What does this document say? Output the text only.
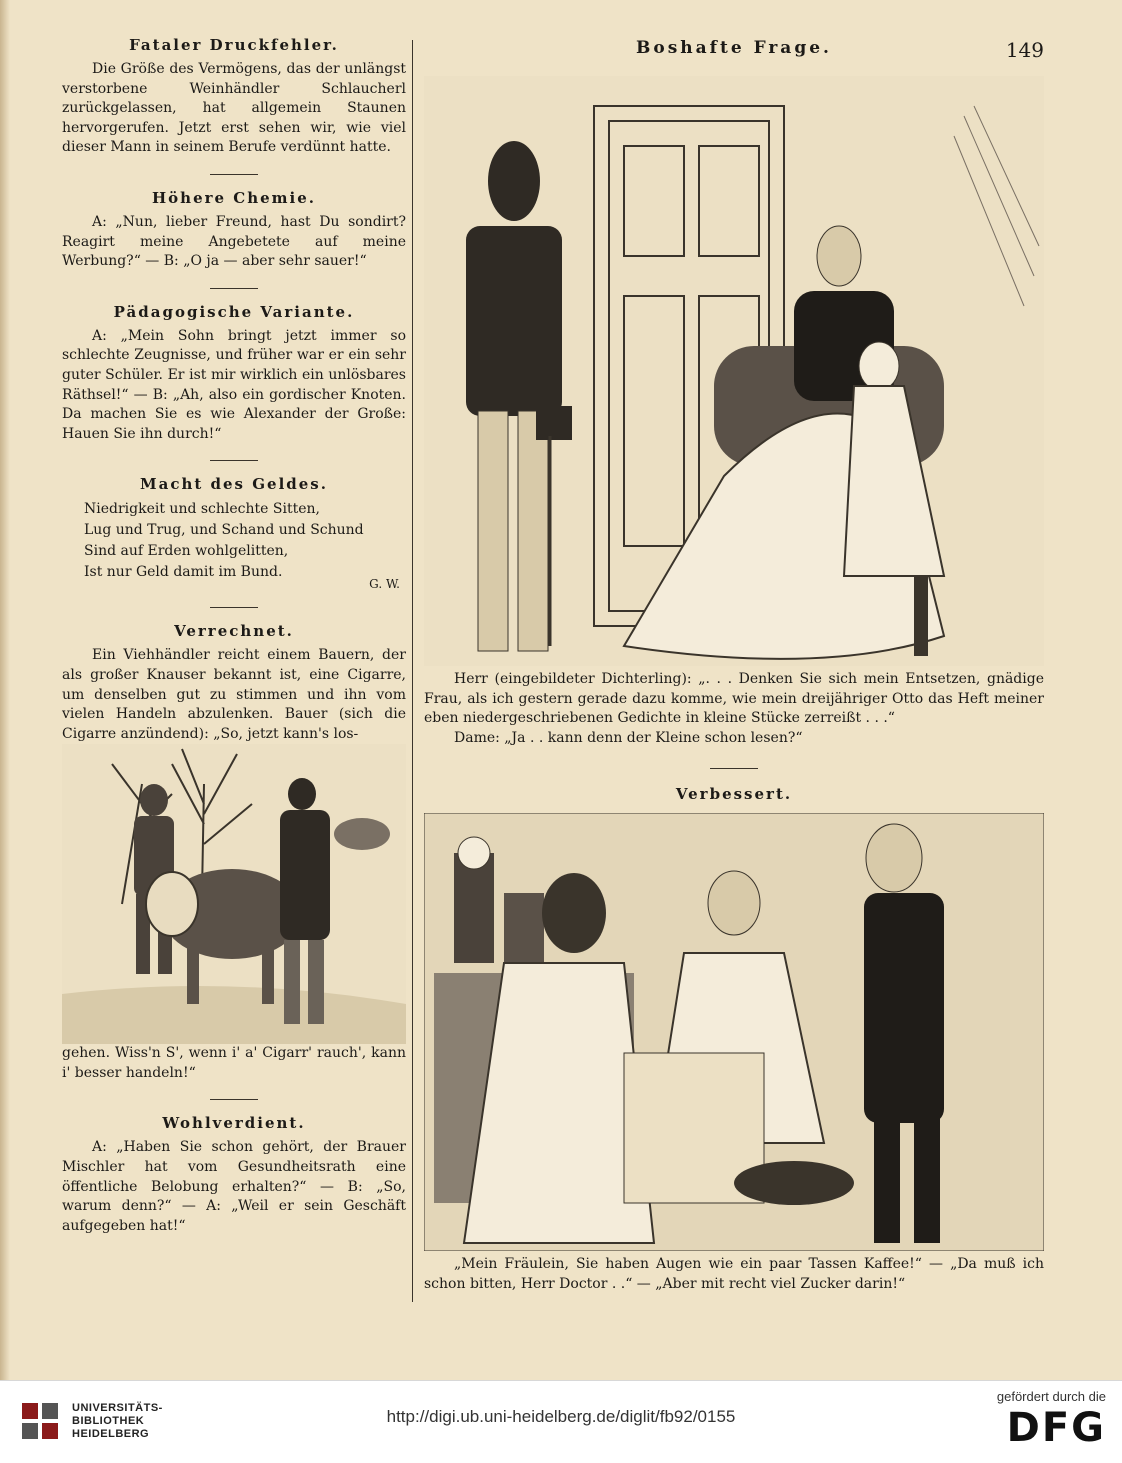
Fataler Druckfehler.

Die Größe des Vermögens, das der unlängst verstorbene Weinhändler Schlaucherl zurückgelassen, hat allgemein Staunen hervorgerufen. Jetzt erst sehen wir, wie viel dieser Mann in seinem Berufe verdünnt hatte.

Höhere Chemie.

A: „Nun, lieber Freund, hast Du sondirt? Reagirt meine Angebetete auf meine Werbung?“ — B: „O ja — aber sehr sauer!“

Pädagogische Variante.

A: „Mein Sohn bringt jetzt immer so schlechte Zeugnisse, und früher war er ein sehr guter Schüler. Er ist mir wirklich ein unlösbares Räthsel!“ — B: „Ah, also ein gordischer Knoten. Da machen Sie es wie Alexander der Große: Hauen Sie ihn durch!“

Macht des Geldes.
Niedrigkeit und schlechte Sitten,
Lug und Trug, und Schand und Schund
Sind auf Erden wohlgelitten,
Ist nur Geld damit im Bund.
G. W.
Verrechnet.

Ein Viehhändler reicht einem Bauern, der als großer Knauser bekannt ist, eine Cigarre, um denselben gut zu stimmen und ihn vom vielen Handeln abzulenken. Bauer (sich die Cigarre anzündend): „So, jetzt kann's los-

gehen. Wiss'n S', wenn i' a' Cigarr' rauch', kann i' besser handeln!“

Wohlverdient.

A: „Haben Sie schon gehört, der Brauer Mischler hat vom Gesundheitsrath eine öffentliche Belobung erhalten?“ — B: „So, warum denn?“ — A: „Weil er sein Geschäft aufgegeben hat!“

Boshafte Frage.	149

Herr (eingebildeter Dichterling): „. . . Denken Sie sich mein Entsetzen, gnädige Frau, als ich gestern gerade dazu komme, wie mein dreijähriger Otto das Heft meiner eben niedergeschriebenen Gedichte in kleine Stücke zerreißt . . .“

Dame: „Ja . . kann denn der Kleine schon lesen?“

Verbessert.

„Mein Fräulein, Sie haben Augen wie ein paar Tassen Kaffee!“ — „Da muß ich schon bitten, Herr Doctor . .“ — „Aber mit recht viel Zucker darin!“

UNIVERSITÄTS-
BIBLIOTHEK
HEIDELBERG
http://digi.ub.uni-heidelberg.de/diglit/fb92/0155
gefördert durch die
DFG
